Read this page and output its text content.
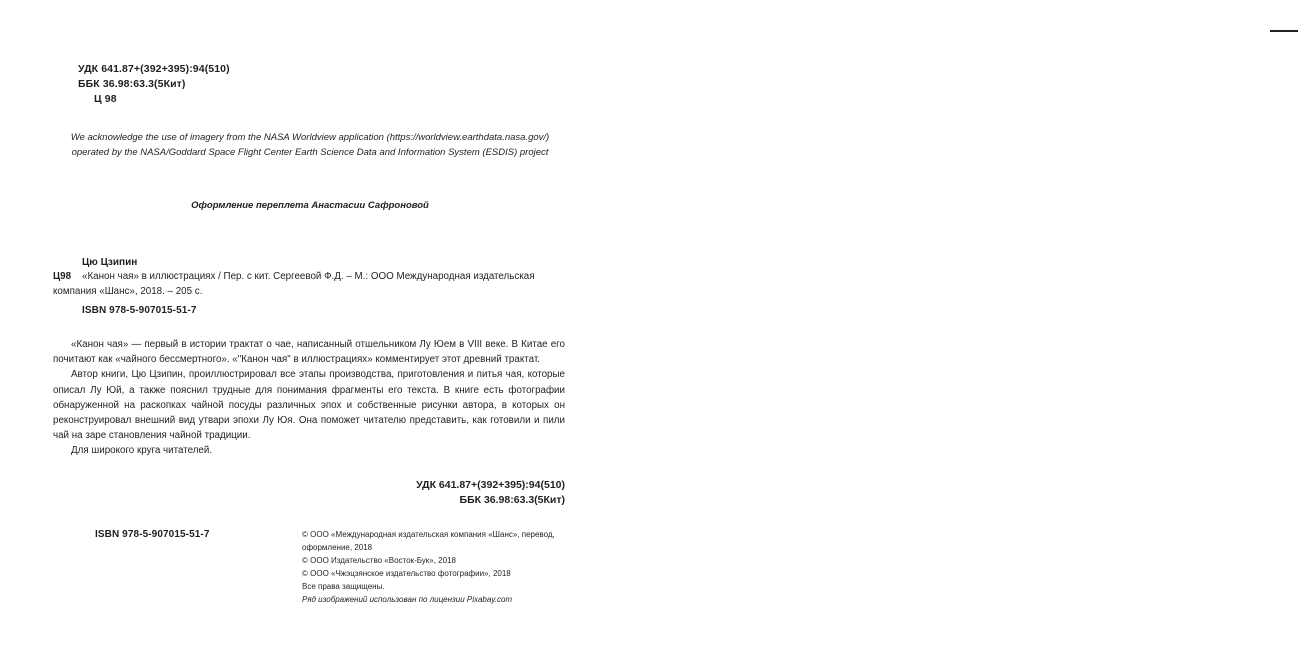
УДК 641.87+(392+395):94(510)
ББК 36.98:63.3(5Кит)
Ц 98
We acknowledge the use of imagery from the NASA Worldview application (https://worldview.earthdata.nasa.gov/) operated by the NASA/Goddard Space Flight Center Earth Science Data and Information System (ESDIS) project
Оформление переплета Анастасии Сафроновой
Цю Цзипин
Ц98 «Канон чая» в иллюстрациях / Пер. с кит. Сергеевой Ф.Д. – М.: ООО Международная издательская компания «Шанс», 2018. – 205 с.
ISBN 978-5-907015-51-7

«Канон чая» — первый в истории трактат о чае, написанный отшельником Лу Юем в VIII веке. В Китае его почитают как «чайного бессмертного». «"Канон чая" в иллюстрациях» комментирует этот древний трактат.

Автор книги, Цю Цзипин, проиллюстрировал все этапы производства, приготовления и питья чая, которые описал Лу Юй, а также пояснил трудные для понимания фрагменты его текста. В книге есть фотографии обнаруженной на раскопках чайной посуды различных эпох и собственные рисунки автора, в которых он реконструировал внешний вид утвари эпохи Лу Юя. Она поможет читателю представить, как готовили и пили чай на заре становления чайной традиции.

Для широкого круга читателей.

УДК 641.87+(392+395):94(510)
ББК 36.98:63.3(5Кит)
ISBN 978-5-907015-51-7	© ООО «Международная издательская компания «Шанс», перевод, оформление, 2018
© ООО Издательство «Восток-Бук», 2018
© ООО «Чжэцзянское издательство фотографии», 2018
Все права защищены.
Ряд изображений использован по лицензии Pixabay.com
